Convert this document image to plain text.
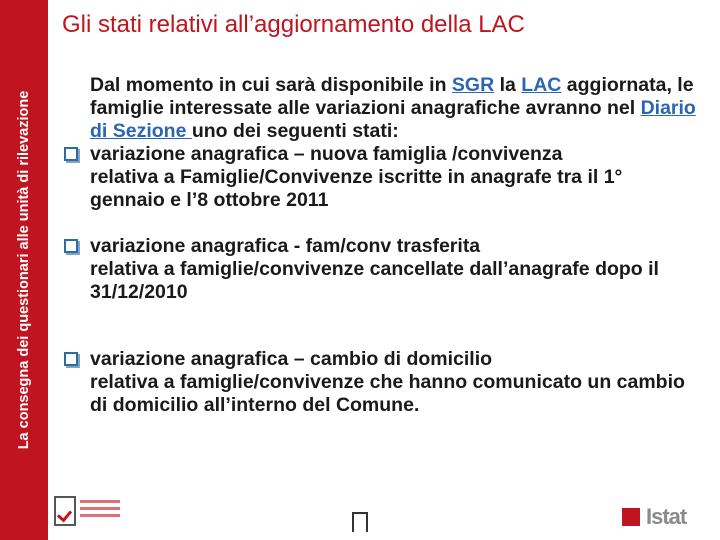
La consegna dei questionari alle unità di rilevazione
Gli stati relativi all’aggiornamento della LAC

Dal momento in cui sarà disponibile in SGR la LAC aggiornata, le famiglie interessate alle variazioni anagrafiche avranno nel Diario di Sezione uno dei seguenti stati:

variazione anagrafica – nuova famiglia /convivenza
relativa a Famiglie/Convivenze iscritte in anagrafe tra il 1° gennaio e l’8 ottobre 2011
variazione anagrafica - fam/conv trasferita
relativa a famiglie/convivenze cancellate dall’anagrafe dopo il 31/12/2010
variazione anagrafica – cambio di domicilio
relativa a famiglie/convivenze che hanno comunicato un cambio di domicilio all’interno del Comune.
Istat
